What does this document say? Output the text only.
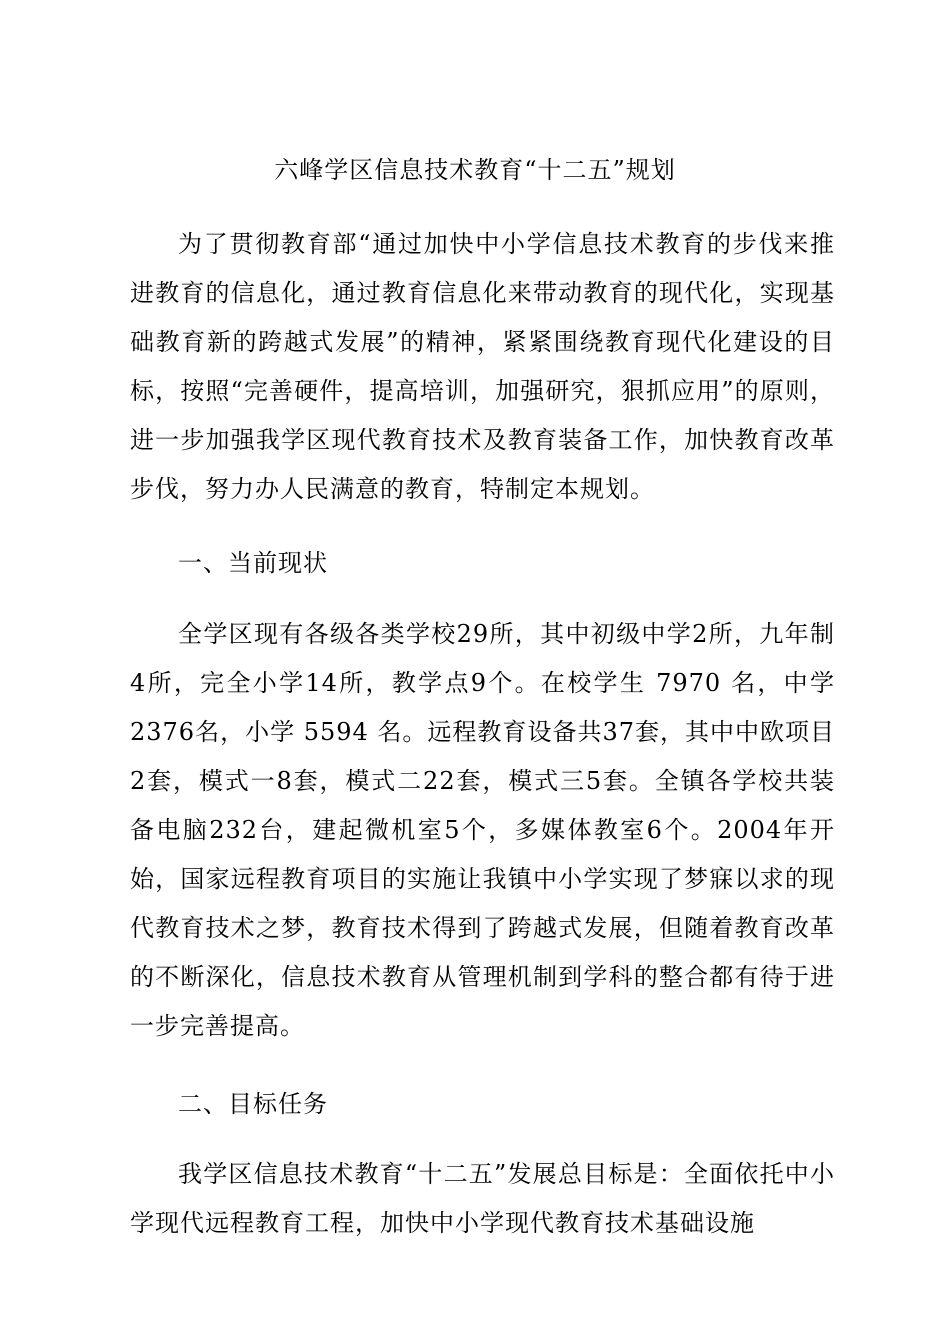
六峰学区信息技术教育“十二五”规划

为了贯彻教育部“通过加快中小学信息技术教育的步伐来推进教育的信息化，通过教育信息化来带动教育的现代化，实现基础教育新的跨越式发展”的精神，紧紧围绕教育现代化建设的目标，按照“完善硬件，提高培训，加强研究，狠抓应用”的原则，进一步加强我学区现代教育技术及教育装备工作，加快教育改革步伐，努力办人民满意的教育，特制定本规划。

一、当前现状

全学区现有各级各类学校29所，其中初级中学2所，九年制4所，完全小学14所，教学点9个。在校学生 7970 名，中学2376名，小学 5594 名。远程教育设备共37套，其中中欧项目2套，模式一8套，模式二22套，模式三5套。全镇各学校共装备电脑232台，建起微机室5个，多媒体教室6个。2004年开始，国家远程教育项目的实施让我镇中小学实现了梦寐以求的现代教育技术之梦，教育技术得到了跨越式发展，但随着教育改革的不断深化，信息技术教育从管理机制到学科的整合都有待于进一步完善提高。

二、目标任务

我学区信息技术教育“十二五”发展总目标是：全面依托中小学现代远程教育工程，加快中小学现代教育技术基础设施
